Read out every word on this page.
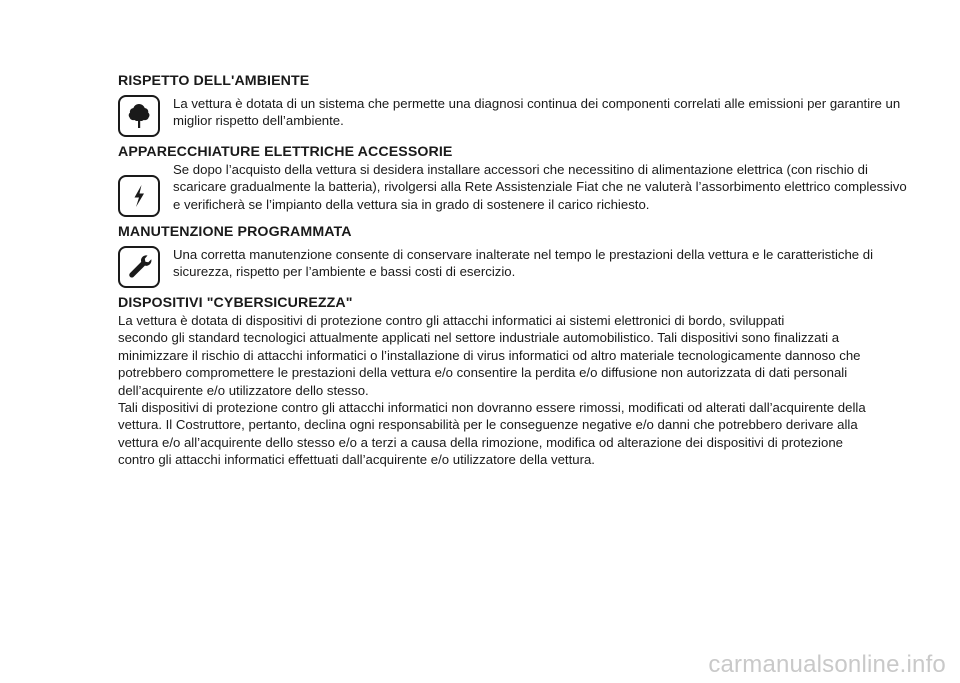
RISPETTO DELL'AMBIENTE

La vettura è dotata di un sistema che permette una diagnosi continua dei componenti correlati alle emissioni per garantire un
miglior rispetto dell’ambiente.

APPARECCHIATURE ELETTRICHE ACCESSORIE

Se dopo l’acquisto della vettura si desidera installare accessori che necessitino di alimentazione elettrica (con rischio di
scaricare gradualmente la batteria), rivolgersi alla Rete Assistenziale Fiat che ne valuterà l’assorbimento elettrico complessivo
e verificherà se l’impianto della vettura sia in grado di sostenere il carico richiesto.

MANUTENZIONE PROGRAMMATA

Una corretta manutenzione consente di conservare inalterate nel tempo le prestazioni della vettura e le caratteristiche di
sicurezza, rispetto per l’ambiente e bassi costi di esercizio.

DISPOSITIVI "CYBERSICUREZZA"

La vettura è dotata di dispositivi di protezione contro gli attacchi informatici ai sistemi elettronici di bordo, sviluppati
secondo gli standard tecnologici attualmente applicati nel settore industriale automobilistico. Tali dispositivi sono finalizzati a
minimizzare il rischio di attacchi informatici o l’installazione di virus informatici od altro materiale tecnologicamente dannoso che
potrebbero compromettere le prestazioni della vettura e/o consentire la perdita e/o diffusione non autorizzata di dati personali
dell’acquirente e/o utilizzatore dello stesso.
Tali dispositivi di protezione contro gli attacchi informatici non dovranno essere rimossi, modificati od alterati dall’acquirente della
vettura. Il Costruttore, pertanto, declina ogni responsabilità per le conseguenze negative e/o danni che potrebbero derivare alla
vettura e/o all’acquirente dello stesso e/o a terzi a causa della rimozione, modifica od alterazione dei dispositivi di protezione
contro gli attacchi informatici effettuati dall’acquirente e/o utilizzatore della vettura.

carmanualsonline.info
